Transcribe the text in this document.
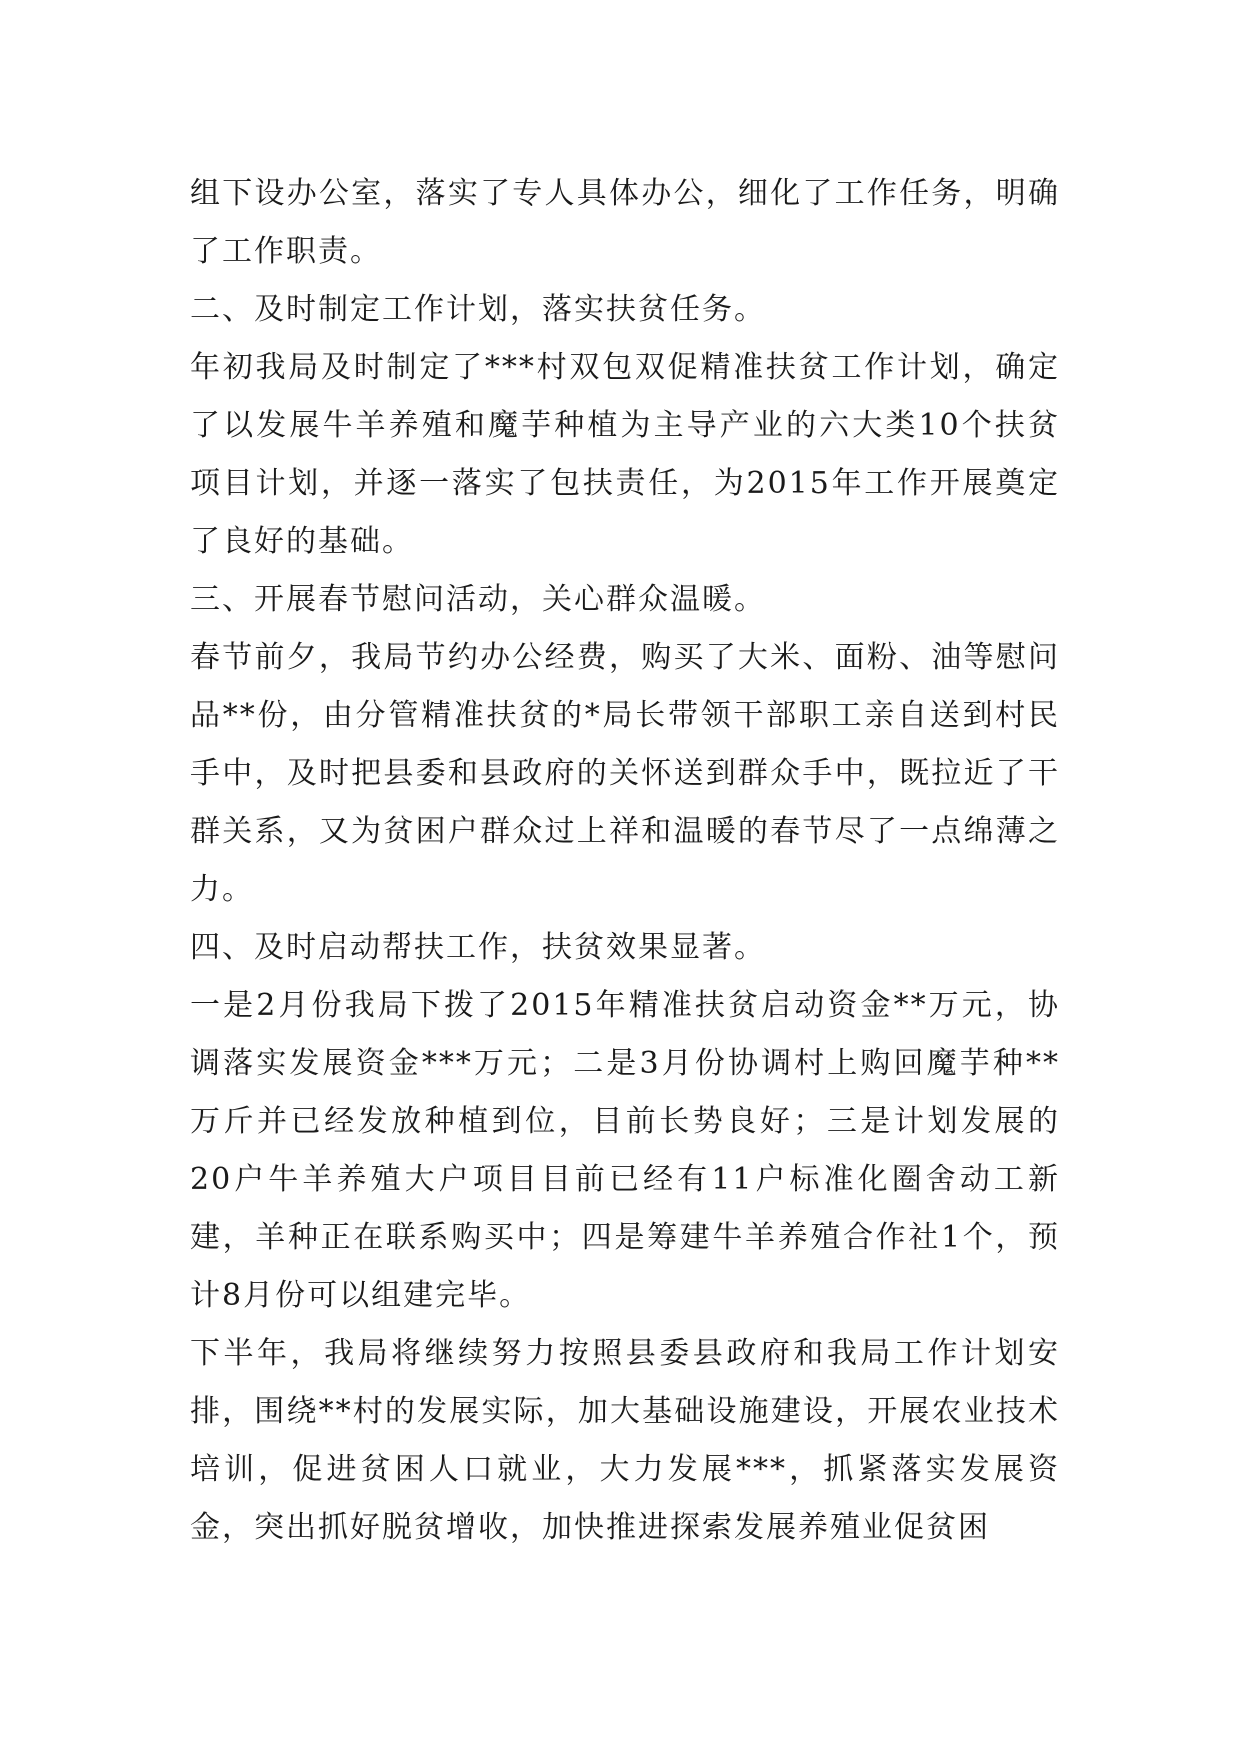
组下设办公室，落实了专人具体办公，细化了工作任务，明确了工作职责。

二、及时制定工作计划，落实扶贫任务。

年初我局及时制定了***村双包双促精准扶贫工作计划，确定了以发展牛羊养殖和魔芋种植为主导产业的六大类10个扶贫项目计划，并逐一落实了包扶责任，为2015年工作开展奠定了良好的基础。

三、开展春节慰问活动，关心群众温暖。

春节前夕，我局节约办公经费，购买了大米、面粉、油等慰问品**份，由分管精准扶贫的*局长带领干部职工亲自送到村民手中，及时把县委和县政府的关怀送到群众手中，既拉近了干群关系，又为贫困户群众过上祥和温暖的春节尽了一点绵薄之力。

四、及时启动帮扶工作，扶贫效果显著。

一是2月份我局下拨了2015年精准扶贫启动资金**万元，协调落实发展资金***万元；二是3月份协调村上购回魔芋种**万斤并已经发放种植到位，目前长势良好；三是计划发展的20户牛羊养殖大户项目目前已经有11户标准化圈舍动工新建，羊种正在联系购买中；四是筹建牛羊养殖合作社1个，预计8月份可以组建完毕。

下半年，我局将继续努力按照县委县政府和我局工作计划安排，围绕**村的发展实际，加大基础设施建设，开展农业技术培训，促进贫困人口就业，大力发展***，抓紧落实发展资金，突出抓好脱贫增收，加快推进探索发展养殖业促贫困
